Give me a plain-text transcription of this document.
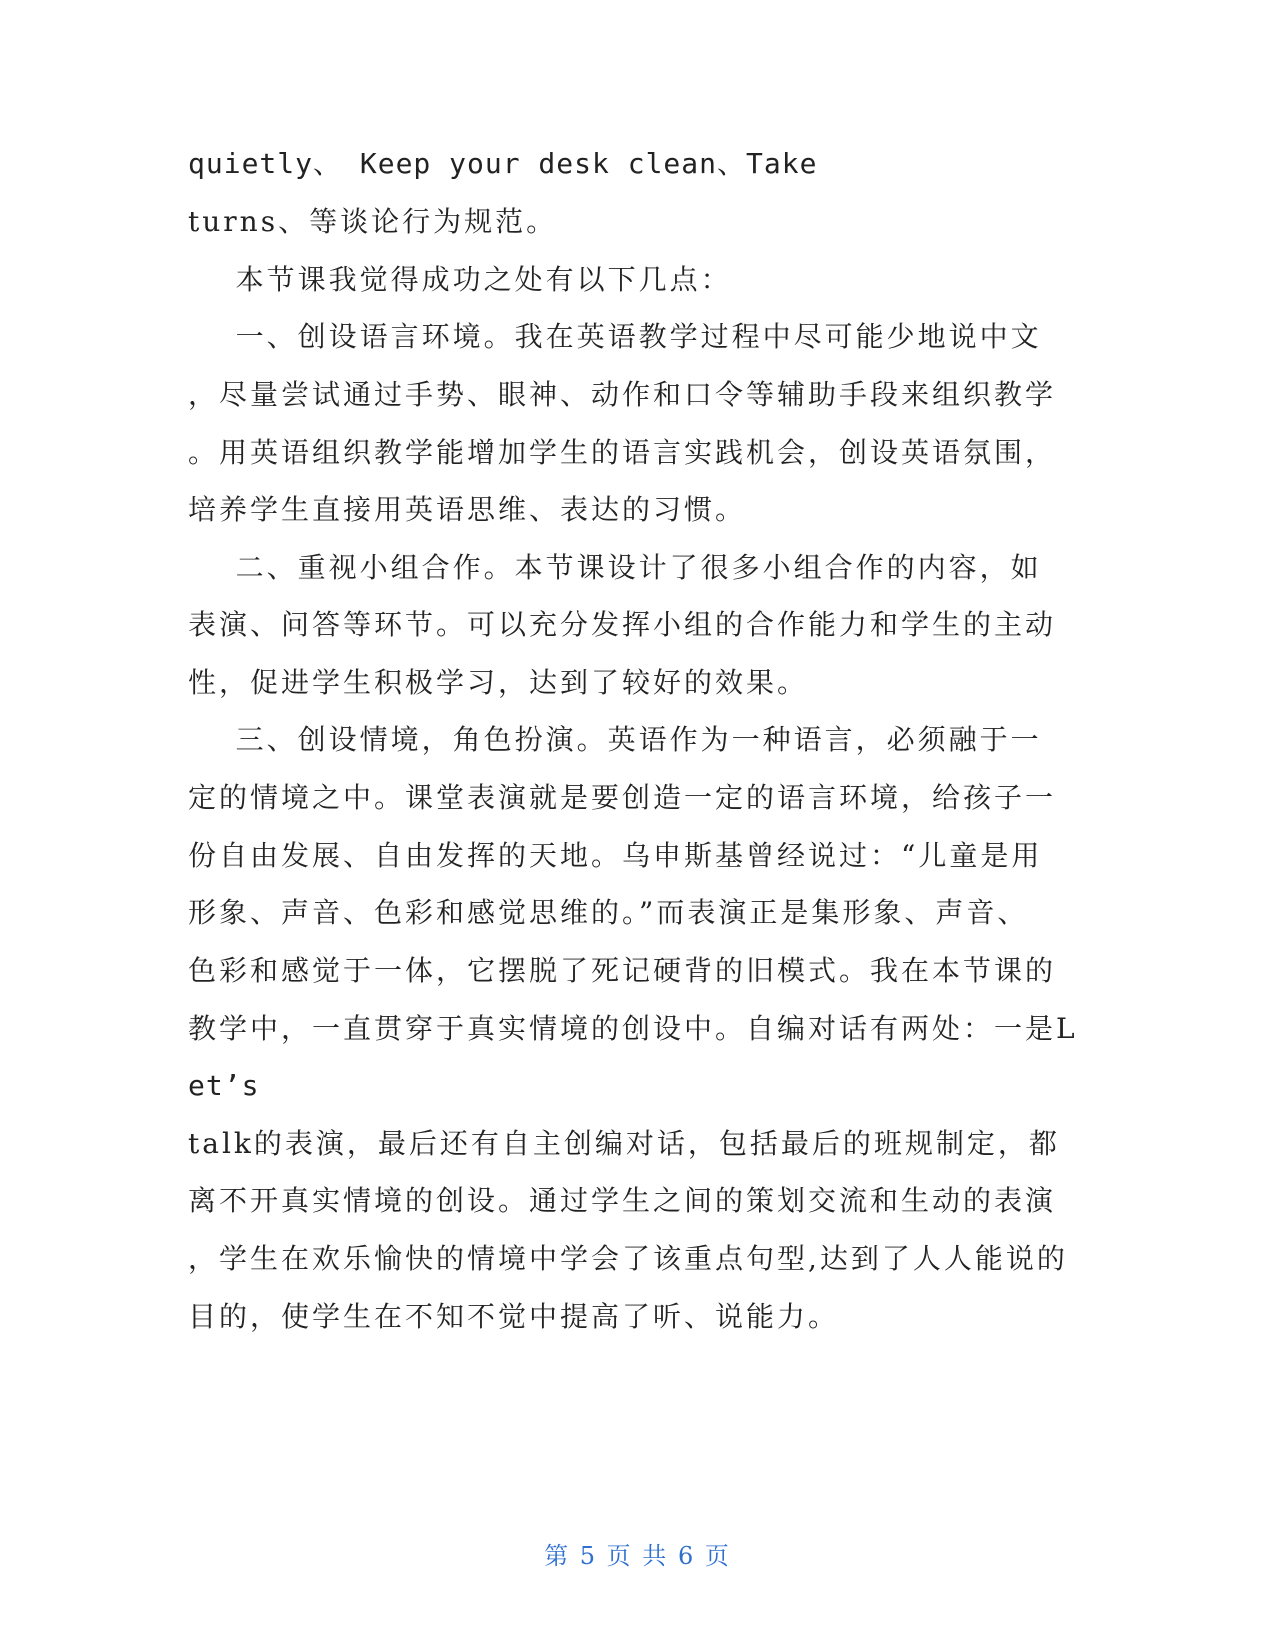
quietly、 Keep your desk clean、Take
turns、等谈论行为规范。
本节课我觉得成功之处有以下几点：
一、创设语言环境。我在英语教学过程中尽可能少地说中文
，尽量尝试通过手势、眼神、动作和口令等辅助手段来组织教学
。用英语组织教学能增加学生的语言实践机会，创设英语氛围，
培养学生直接用英语思维、表达的习惯。
二、重视小组合作。本节课设计了很多小组合作的内容，如
表演、问答等环节。可以充分发挥小组的合作能力和学生的主动
性，促进学生积极学习，达到了较好的效果。
三、创设情境，角色扮演。英语作为一种语言，必须融于一
定的情境之中。课堂表演就是要创造一定的语言环境，给孩子一
份自由发展、自由发挥的天地。乌申斯基曾经说过：“儿童是用
形象、声音、色彩和感觉思维的。”而表演正是集形象、声音、
色彩和感觉于一体，它摆脱了死记硬背的旧模式。我在本节课的
教学中，一直贯穿于真实情境的创设中。自编对话有两处：一是L
et’s
talk的表演，最后还有自主创编对话，包括最后的班规制定，都
离不开真实情境的创设。通过学生之间的策划交流和生动的表演
，学生在欢乐愉快的情境中学会了该重点句型,达到了人人能说的
目的，使学生在不知不觉中提高了听、说能力。
第 5 页 共 6 页
